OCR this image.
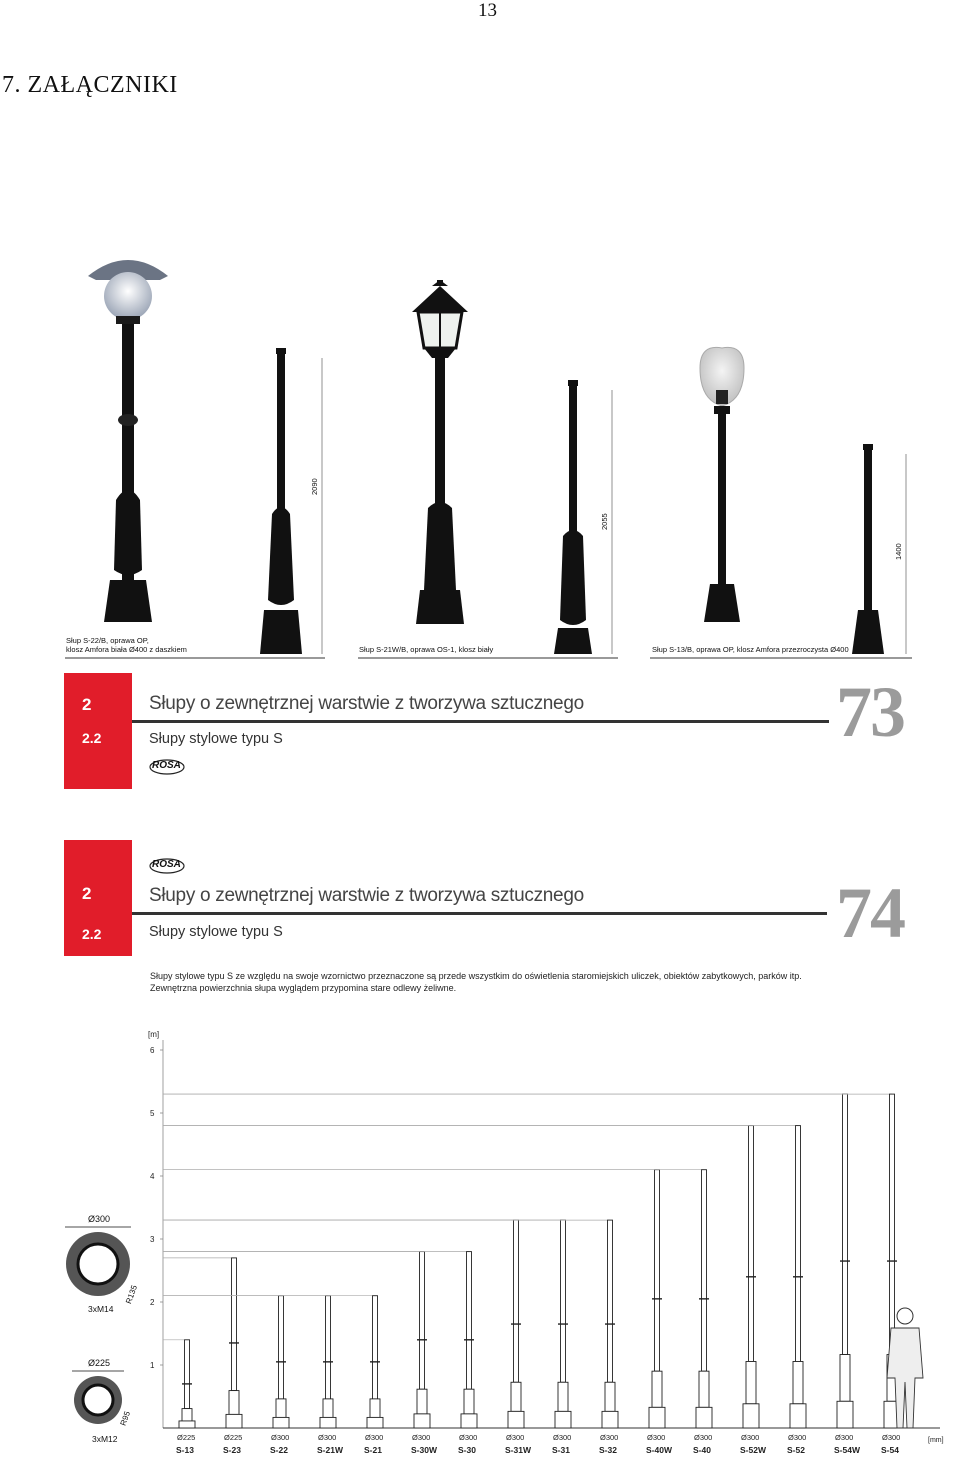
13
7. ZAŁĄCZNIKI
2090
2055
1400
Słup S-22/B, oprawa OP,
klosz Amfora biała Ø400 z daszkiem	Słup S-21W/B, oprawa OS-1, klosz biały	Słup S-13/B, oprawa OP, klosz Amfora przezroczysta Ø400
2
2.2
Słupy o zewnętrznej warstwie z tworzywa sztucznego
Słupy stylowe typu S
ROSA
73
2
2.2
ROSA
Słupy o zewnętrznej warstwie z tworzywa sztucznego
Słupy stylowe typu S	74
Słupy stylowe typu S ze względu na swoje wzornictwo przeznaczone są przede wszystkim do oświetlenia staromiejskich uliczek, obiektów zabytkowych, parków itp.
Zewnętrzna powierzchnia słupa wyglądem przypomina stare odlewy żeliwne.
Ø300
R135
3xM14
Ø225
R95
3xM12
[m]
1
2
3
4
5
6
[mm]
Ø225
S-13
Ø225
S-23
Ø300
S-22
Ø300
S-21W
Ø300
S-21
Ø300
S-30W
Ø300
S-30
Ø300
S-31W
Ø300
S-31
Ø300
S-32
Ø300
S-40W
Ø300
S-40
Ø300
S-52W
Ø300
S-52
Ø300
S-54W
Ø300
S-54
